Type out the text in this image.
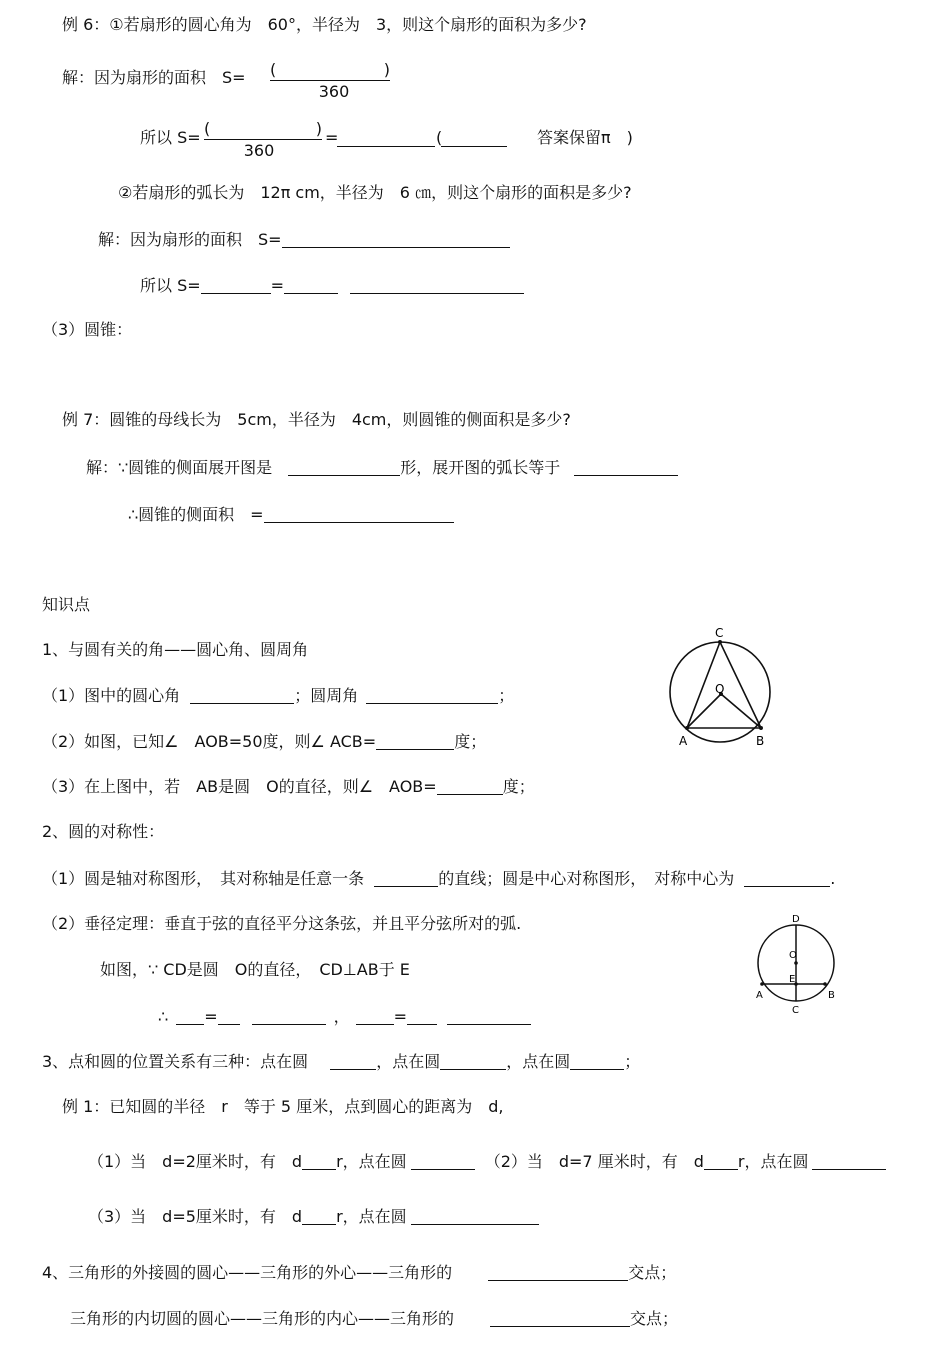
例 6：①若扇形的圆心角为　60°，半径为　3，则这个扇形的面积为多少?
解：因为扇形的面积　S= (	)
360
所以 S= (	)
360
=	(	答案保留π　)
②若扇形的弧长为　12π cm，半径为　6 ㎝，则这个扇形的面积是多少?
解：因为扇形的面积　S=
所以 S=	=
（3）圆锥：
例 7：圆锥的母线长为　5cm，半径为　4cm，则圆锥的侧面积是多少?
解：∵圆锥的侧面展开图是	形，展开图的弧长等于
∴圆锥的侧面积　=
知识点
1、与圆有关的角——圆心角、圆周角
（1）图中的圆心角	；圆周角	；
（2）如图，已知∠　AOB=50度，则∠ ACB=	度；
（3）在上图中，若　AB是圆　O的直径，则∠　AOB=	度；
C
O
A	B
2、圆的对称性：
（1）圆是轴对称图形，　其对称轴是任意一条	的直线；圆是中心对称图形，　对称中心为	.
（2）垂径定理：垂直于弦的直径平分这条弦，并且平分弦所对的弧.
如图，∵ CD是圆　O的直径，　CD⊥AB于 E
∴ =	，	=
D
O
E
A	B
C
3、点和圆的位置关系有三种：点在圆	，点在圆	，点在圆	；
例 1：已知圆的半径　r　等于 5 厘米，点到圆心的距离为　d,
（1）当　d=2厘米时，有　d r，点在圆	（2）当　d=7 厘米时，有　d r，点在圆
（3）当　d=5厘米时，有　d r，点在圆
4、三角形的外接圆的圆心——三角形的外心——三角形的	交点；
三角形的内切圆的圆心——三角形的内心——三角形的	交点；
